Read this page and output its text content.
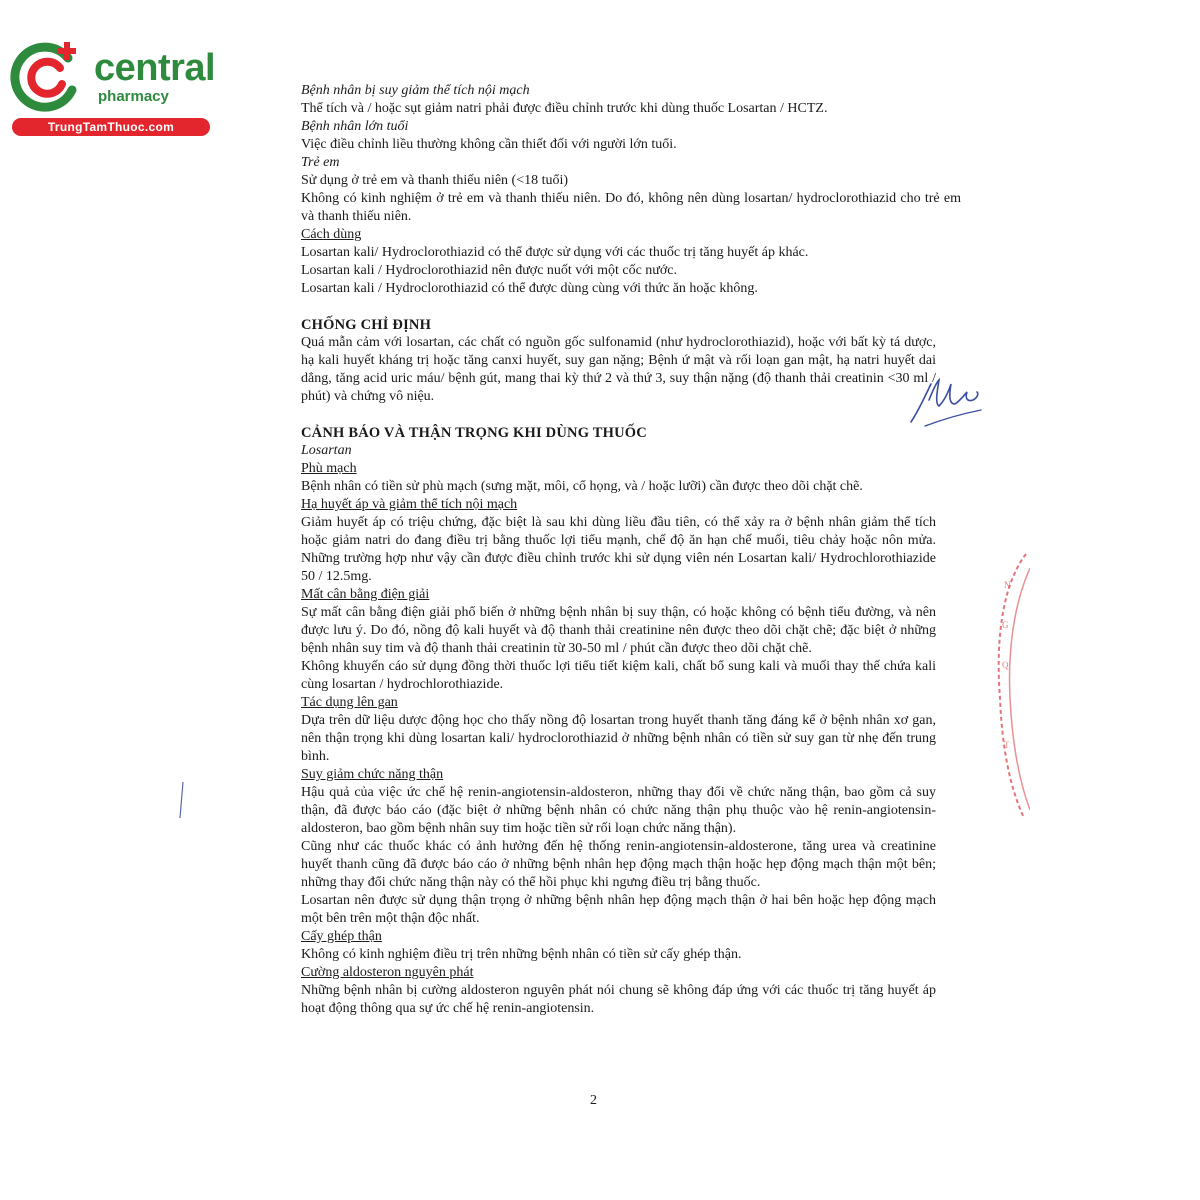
central
pharmacy
TrungTamThuoc.com

Bệnh nhân bị suy giảm thể tích nội mạch

Thể tích và / hoặc sụt giảm natri phải được điều chỉnh trước khi dùng thuốc Losartan / HCTZ.

Bệnh nhân lớn tuổi

Việc điều chỉnh liều thường không cần thiết đối với người lớn tuổi.

Trẻ em

Sử dụng ở trẻ em và thanh thiếu niên (<18 tuổi)

Không có kinh nghiệm ở trẻ em và thanh thiếu niên. Do đó, không nên dùng losartan/ hydroclorothiazid cho trẻ em và thanh thiếu niên.

Cách dùng

Losartan kali/ Hydroclorothiazid có thể được sử dụng với các thuốc trị tăng huyết áp khác.

Losartan kali / Hydroclorothiazid nên được nuốt với một cốc nước.

Losartan kali / Hydroclorothiazid có thể được dùng cùng với thức ăn hoặc không.

CHỐNG CHỈ ĐỊNH

Quá mẫn cảm với losartan, các chất có nguồn gốc sulfonamid (như hydroclorothiazid), hoặc với bất kỳ tá dược, hạ kali huyết kháng trị hoặc tăng canxi huyết, suy gan nặng; Bệnh ứ mật và rối loạn gan mật, hạ natri huyết dai dẳng, tăng acid uric máu/ bệnh gút, mang thai kỳ thứ 2 và thứ 3, suy thận nặng (độ thanh thải creatinin <30 ml / phút) và chứng vô niệu.

CẢNH BÁO VÀ THẬN TRỌNG KHI DÙNG THUỐC

Losartan

Phù mạch

Bệnh nhân có tiền sử phù mạch (sưng mặt, môi, cổ họng, và / hoặc lưỡi) cần được theo dõi chặt chẽ.

Hạ huyết áp và giảm thể tích nội mạch

Giảm huyết áp có triệu chứng, đặc biệt là sau khi dùng liều đầu tiên, có thể xảy ra ở bệnh nhân giảm thể tích hoặc giảm natri do đang điều trị bằng thuốc lợi tiểu mạnh, chế độ ăn hạn chế muối, tiêu chảy hoặc nôn mửa. Những trường hợp như vậy cần được điều chỉnh trước khi sử dụng viên nén Losartan kali/ Hydrochlorothiazide 50 / 12.5mg.

Mất cân bằng điện giải

Sự mất cân bằng điện giải phổ biến ở những bệnh nhân bị suy thận, có hoặc không có bệnh tiểu đường, và nên được lưu ý. Do đó, nồng độ kali huyết và độ thanh thải creatinine nên được theo dõi chặt chẽ; đặc biệt ở những bệnh nhân suy tim và độ thanh thải creatinin từ 30-50 ml / phút cần được theo dõi chặt chẽ.

Không khuyến cáo sử dụng đồng thời thuốc lợi tiểu tiết kiệm kali, chất bổ sung kali và muối thay thế chứa kali cùng losartan / hydrochlorothiazide.

Tác dụng lên gan

Dựa trên dữ liệu dược động học cho thấy nồng độ losartan trong huyết thanh tăng đáng kể ở bệnh nhân xơ gan, nên thận trọng khi dùng losartan kali/ hydroclorothiazid ở những bệnh nhân có tiền sử suy gan từ nhẹ đến trung bình.

Suy giảm chức năng thận

Hậu quả của việc ức chế hệ renin-angiotensin-aldosteron, những thay đổi về chức năng thận, bao gồm cả suy thận, đã được báo cáo (đặc biệt ở những bệnh nhân có chức năng thận phụ thuộc vào hệ renin-angiotensin-aldosteron, bao gồm bệnh nhân suy tim hoặc tiền sử rối loạn chức năng thận).

Cũng như các thuốc khác có ảnh hưởng đến hệ thống renin-angiotensin-aldosterone, tăng urea và creatinine huyết thanh cũng đã được báo cáo ở những bệnh nhân hẹp động mạch thận hoặc hẹp động mạch thận một bên; những thay đổi chức năng thận này có thể hồi phục khi ngưng điều trị bằng thuốc.

Losartan nên được sử dụng thận trọng ở những bệnh nhân hẹp động mạch thận ở hai bên hoặc hẹp động mạch một bên trên một thận độc nhất.

Cấy ghép thận

Không có kinh nghiệm điều trị trên những bệnh nhân có tiền sử cấy ghép thận.

Cường aldosteron nguyên phát

Những bệnh nhân bị cường aldosteron nguyên phát nói chung sẽ không đáp ứng với các thuốc trị tăng huyết áp hoạt động thông qua sự ức chế hệ renin-angiotensin.

N
G
Q
T
2
